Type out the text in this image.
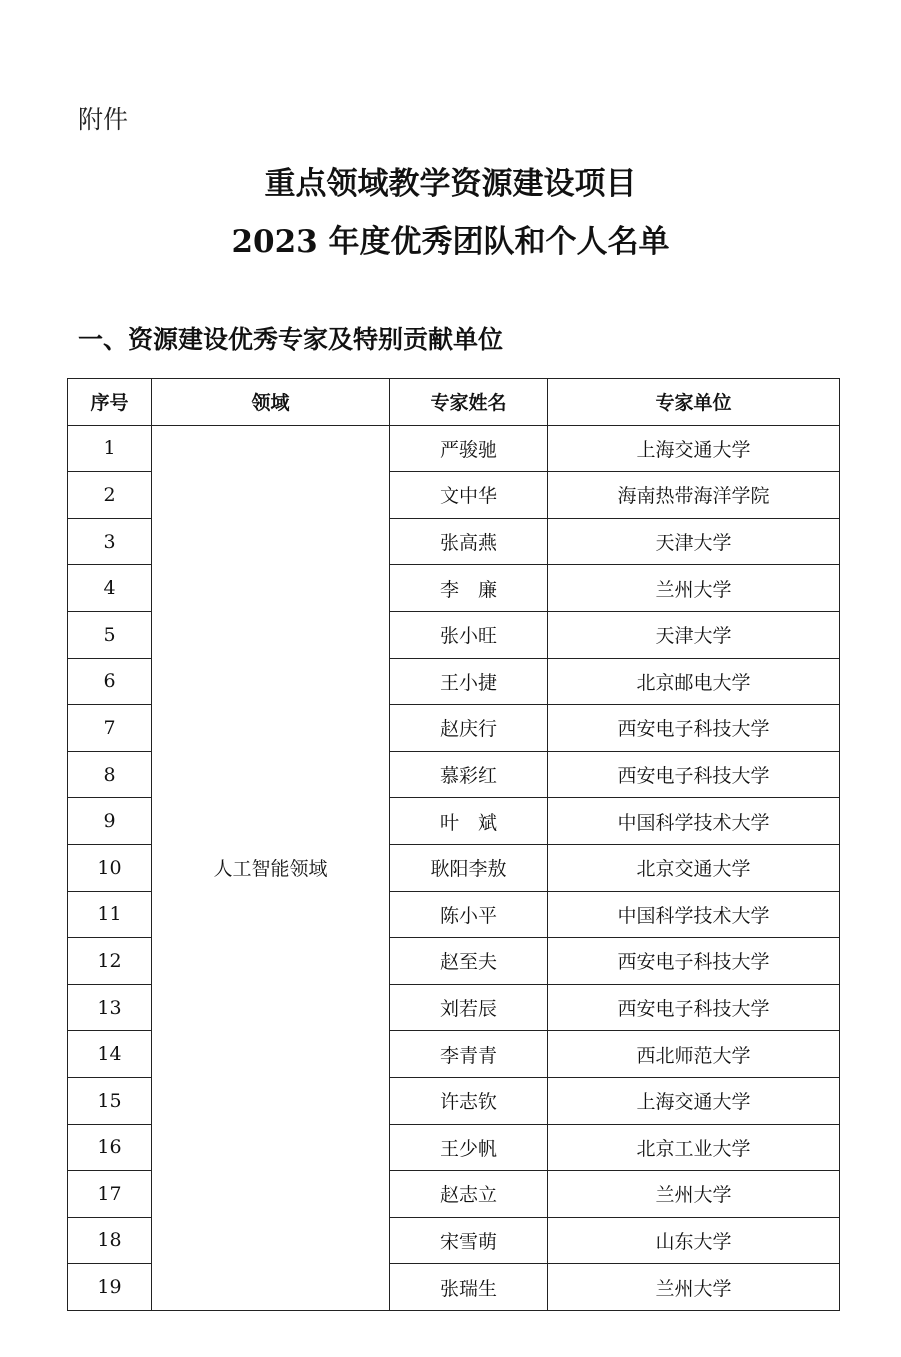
附件
重点领域教学资源建设项目
2023 年度优秀团队和个人名单
一、资源建设优秀专家及特别贡献单位
序号	领域	专家姓名	专家单位
1	人工智能领域	严骏驰	上海交通大学
2		文中华	海南热带海洋学院
3		张高燕	天津大学
4		李　廉	兰州大学
5		张小旺	天津大学
6		王小捷	北京邮电大学
7		赵庆行	西安电子科技大学
8		慕彩红	西安电子科技大学
9		叶　斌	中国科学技术大学
10		耿阳李敖	北京交通大学
11		陈小平	中国科学技术大学
12		赵至夫	西安电子科技大学
13		刘若辰	西安电子科技大学
14		李青青	西北师范大学
15		许志钦	上海交通大学
16		王少帆	北京工业大学
17		赵志立	兰州大学
18		宋雪萌	山东大学
19		张瑞生	兰州大学
